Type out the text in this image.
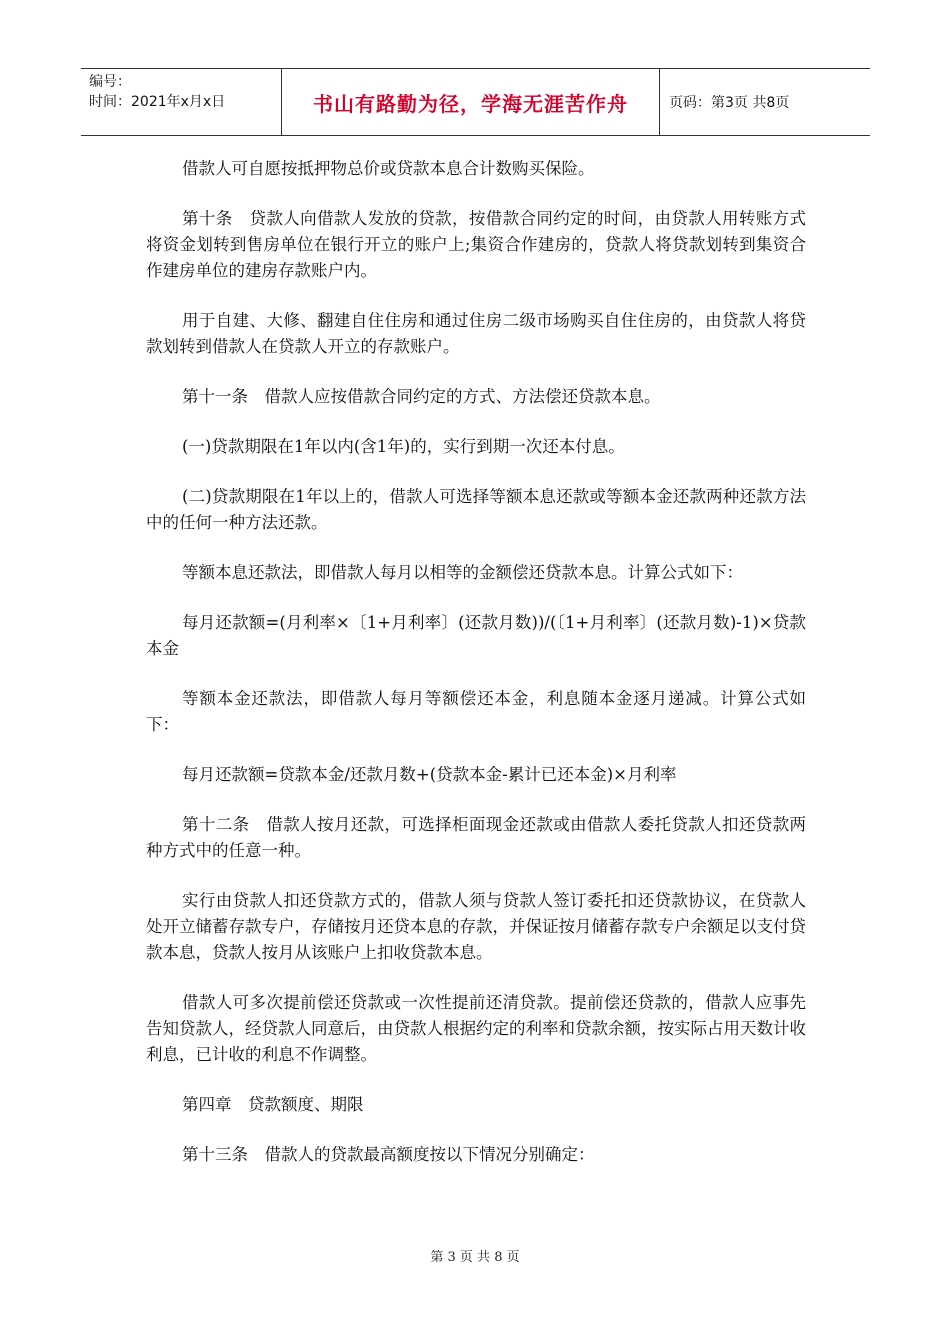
编号：
时间：2021年x月x日	书山有路勤为径，学海无涯苦作舟	页码：第3页 共8页

借款人可自愿按抵押物总价或贷款本息合计数购买保险。

第十条　贷款人向借款人发放的贷款，按借款合同约定的时间，由贷款人用转账方式将资金划转到售房单位在银行开立的账户上;集资合作建房的，贷款人将贷款划转到集资合作建房单位的建房存款账户内。

用于自建、大修、翻建自住住房和通过住房二级市场购买自住住房的，由贷款人将贷款划转到借款人在贷款人开立的存款账户。

第十一条　借款人应按借款合同约定的方式、方法偿还贷款本息。

(一)贷款期限在1年以内(含1年)的，实行到期一次还本付息。

(二)贷款期限在1年以上的，借款人可选择等额本息还款或等额本金还款两种还款方法中的任何一种方法还款。

等额本息还款法，即借款人每月以相等的金额偿还贷款本息。计算公式如下：

每月还款额=(月利率×〔1+月利率〕(还款月数))/(〔1+月利率〕(还款月数)-1)×贷款本金

等额本金还款法，即借款人每月等额偿还本金，利息随本金逐月递减。计算公式如下：

每月还款额=贷款本金/还款月数+(贷款本金-累计已还本金)×月利率

第十二条　借款人按月还款，可选择柜面现金还款或由借款人委托贷款人扣还贷款两种方式中的任意一种。

实行由贷款人扣还贷款方式的，借款人须与贷款人签订委托扣还贷款协议，在贷款人处开立储蓄存款专户，存储按月还贷本息的存款，并保证按月储蓄存款专户余额足以支付贷款本息，贷款人按月从该账户上扣收贷款本息。

借款人可多次提前偿还贷款或一次性提前还清贷款。提前偿还贷款的，借款人应事先告知贷款人，经贷款人同意后，由贷款人根据约定的利率和贷款余额，按实际占用天数计收利息，已计收的利息不作调整。

第四章　贷款额度、期限

第十三条　借款人的贷款最高额度按以下情况分别确定：

第 3 页 共 8 页
